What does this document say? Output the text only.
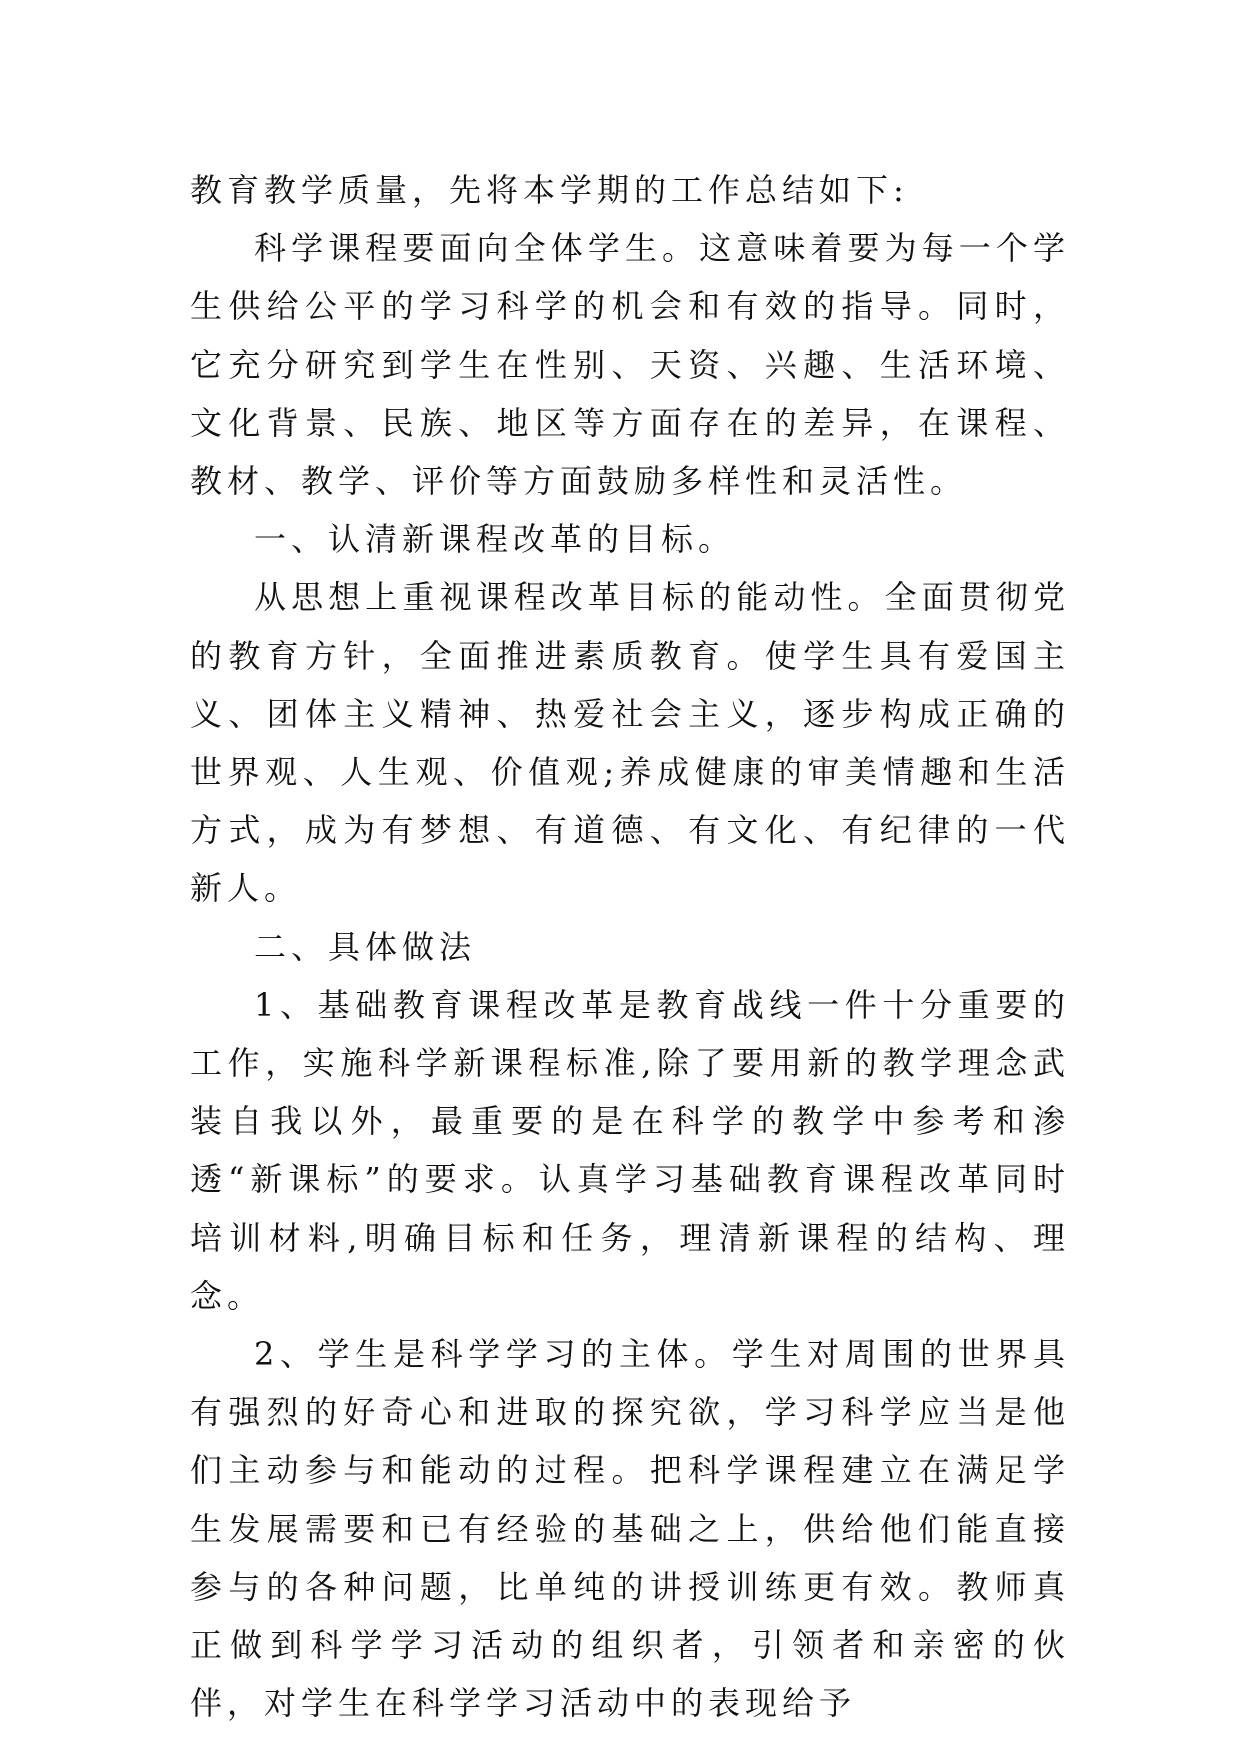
教育教学质量，先将本学期的工作总结如下:

科学课程要面向全体学生。这意味着要为每一个学生供给公平的学习科学的机会和有效的指导。同时，它充分研究到学生在性别、天资、兴趣、生活环境、文化背景、民族、地区等方面存在的差异，在课程、教材、教学、评价等方面鼓励多样性和灵活性。

一、认清新课程改革的目标。

从思想上重视课程改革目标的能动性。全面贯彻党的教育方针，全面推进素质教育。使学生具有爱国主义、团体主义精神、热爱社会主义，逐步构成正确的世界观、人生观、价值观;养成健康的审美情趣和生活方式，成为有梦想、有道德、有文化、有纪律的一代新人。

二、具体做法

1、基础教育课程改革是教育战线一件十分重要的工作，实施科学新课程标准,除了要用新的教学理念武装自我以外，最重要的是在科学的教学中参考和渗透“新课标”的要求。认真学习基础教育课程改革同时培训材料,明确目标和任务，理清新课程的结构、理念。

2、学生是科学学习的主体。学生对周围的世界具有强烈的好奇心和进取的探究欲，学习科学应当是他们主动参与和能动的过程。把科学课程建立在满足学生发展需要和已有经验的基础之上，供给他们能直接参与的各种问题，比单纯的讲授训练更有效。教师真正做到科学学习活动的组织者，引领者和亲密的伙伴，对学生在科学学习活动中的表现给予
